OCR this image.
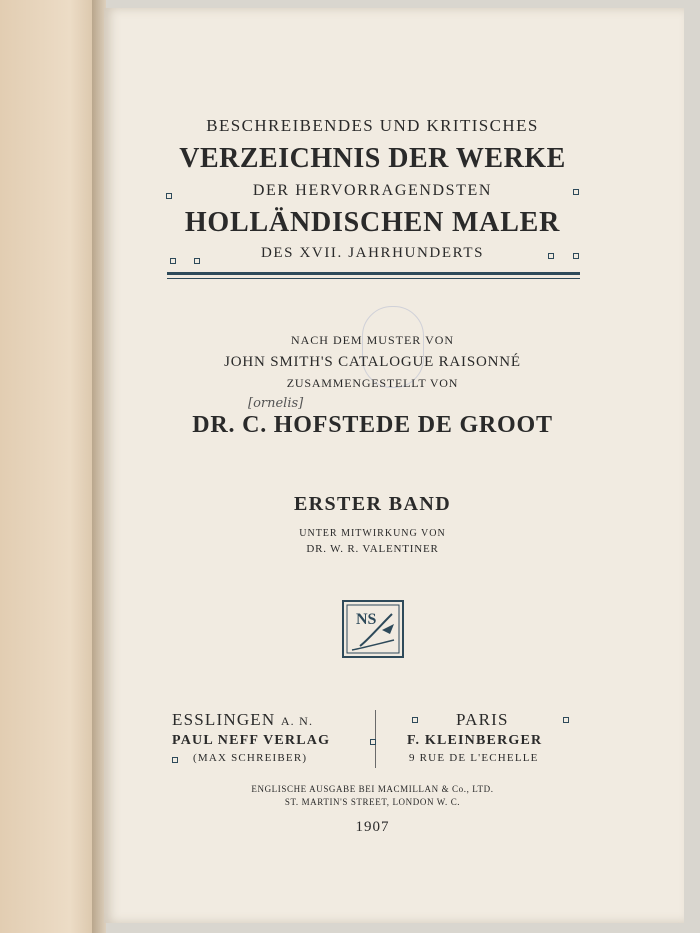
BESCHREIBENDES UND KRITISCHES
VERZEICHNIS DER WERKE
DER HERVORRAGENDSTEN
HOLLÄNDISCHEN MALER
DES XVII. JAHRHUNDERTS
NACH DEM MUSTER VON
JOHN SMITH'S CATALOGUE RAISONNÉ
ZUSAMMENGESTELLT VON
[ornelis]
DR. C. HOFSTEDE DE GROOT
ERSTER BAND
UNTER MITWIRKUNG VON
DR. W. R. VALENTINER
NS
ESSLINGEN A. N.
PAUL NEFF VERLAG
(MAX SCHREIBER)
PARIS
F. KLEINBERGER
9 RUE DE L'ECHELLE
ENGLISCHE AUSGABE BEI MACMILLAN & Co., LTD.
ST. MARTIN'S STREET, LONDON W. C.
1907
